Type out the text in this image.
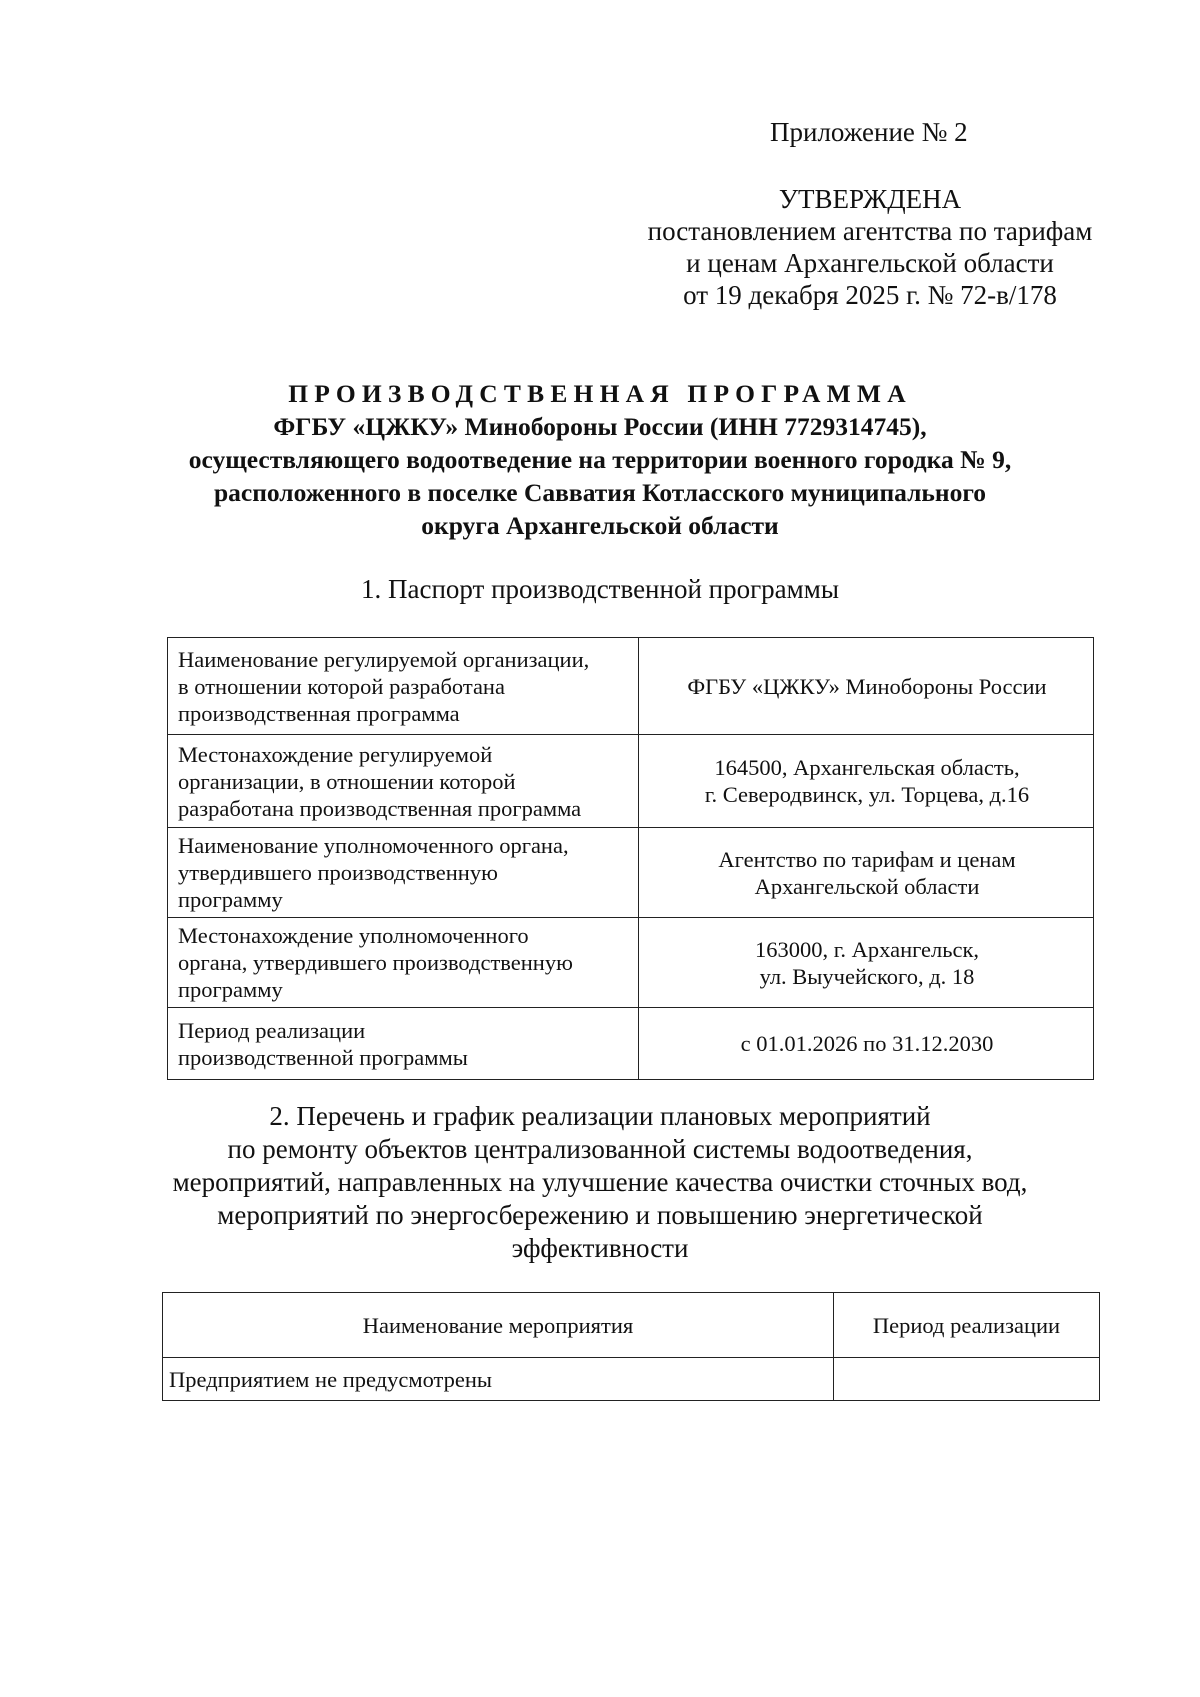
Приложение № 2
УТВЕРЖДЕНА
постановлением агентства по тарифам
и ценам Архангельской области
от 19 декабря 2025 г. № 72-в/178
ПРОИЗВОДСТВЕННАЯ ПРОГРАММА
ФГБУ «ЦЖКУ» Минобороны России (ИНН 7729314745),
осуществляющего водоотведение на территории военного городка № 9,
расположенного в поселке Савватия Котласского муниципального
округа Архангельской области
1. Паспорт производственной программы
Наименование регулируемой организации,
в отношении которой разработана
производственная программа	ФГБУ «ЦЖКУ» Минобороны России

Местонахождение регулируемой
организации, в отношении которой
разработана производственная программа	164500, Архангельская область,
г. Северодвинск, ул. Торцева, д.16

Наименование уполномоченного органа,
утвердившего производственную
программу	Агентство по тарифам и ценам
Архангельской области

Местонахождение уполномоченного
органа, утвердившего производственную
программу	163000, г. Архангельск,
ул. Выучейского, д. 18

Период реализации
производственной программы	с 01.01.2026 по 31.12.2030
2. Перечень и график реализации плановых мероприятий
по ремонту объектов централизованной системы водоотведения,
мероприятий, направленных на улучшение качества очистки сточных вод,
мероприятий по энергосбережению и повышению энергетической
эффективности
Наименование мероприятия	Период реализации
Предприятием не предусмотрены	
